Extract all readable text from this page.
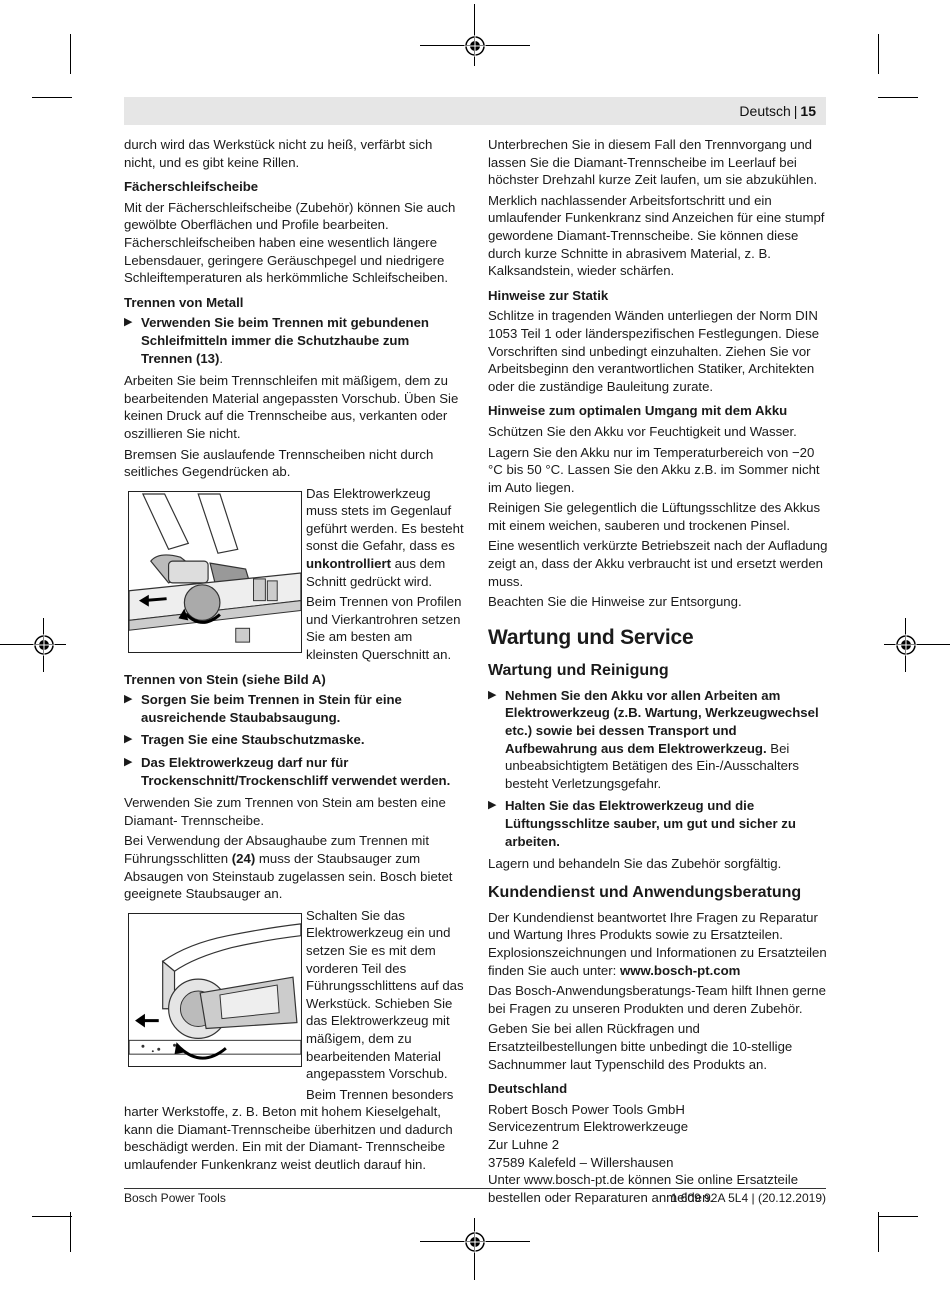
Deutsch | 15

durch wird das Werkstück nicht zu heiß, verfärbt sich nicht, und es gibt keine Rillen.

Fächerschleifscheibe

Mit der Fächerschleifscheibe (Zubehör) können Sie auch gewölbte Oberflächen und Profile bearbeiten. Fächerschleifscheiben haben eine wesentlich längere Lebensdauer, geringere Geräuschpegel und niedrigere Schleiftemperaturen als herkömmliche Schleifscheiben.

Trennen von Metall

▶ Verwenden Sie beim Trennen mit gebundenen Schleifmitteln immer die Schutzhaube zum Trennen (13).

Arbeiten Sie beim Trennschleifen mit mäßigem, dem zu bearbeitenden Material angepassten Vorschub. Üben Sie keinen Druck auf die Trennscheibe aus, verkanten oder oszillieren Sie nicht.

Bremsen Sie auslaufende Trennscheiben nicht durch seitliches Gegendrücken ab.

Das Elektrowerkzeug muss stets im Gegenlauf geführt werden. Es besteht sonst die Gefahr, dass es unkontrolliert aus dem Schnitt gedrückt wird.

Beim Trennen von Profilen und Vierkantrohren setzen Sie am besten am kleinsten Querschnitt an.

Trennen von Stein (siehe Bild A)

▶ Sorgen Sie beim Trennen in Stein für eine ausreichende Staubabsaugung.
▶ Tragen Sie eine Staubschutzmaske.
▶ Das Elektrowerkzeug darf nur für Trockenschnitt/Trockenschliff verwendet werden.

Verwenden Sie zum Trennen von Stein am besten eine Diamant- Trennscheibe.

Bei Verwendung der Absaughaube zum Trennen mit Führungsschlitten (24) muss der Staubsauger zum Absaugen von Steinstaub zugelassen sein. Bosch bietet geeignete Staubsauger an.

Schalten Sie das Elektrowerkzeug ein und setzen Sie es mit dem vorderen Teil des Führungsschlittens auf das Werkstück. Schieben Sie das Elektrowerkzeug mit mäßigem, dem zu bearbeitenden Material angepasstem Vorschub.

Beim Trennen besonders

harter Werkstoffe, z. B. Beton mit hohem Kieselgehalt, kann die Diamant-Trennscheibe überhitzen und dadurch beschädigt werden. Ein mit der Diamant- Trennscheibe umlaufender Funkenkranz weist deutlich darauf hin.

Unterbrechen Sie in diesem Fall den Trennvorgang und lassen Sie die Diamant-Trennscheibe im Leerlauf bei höchster Drehzahl kurze Zeit laufen, um sie abzukühlen.

Merklich nachlassender Arbeitsfortschritt und ein umlaufender Funkenkranz sind Anzeichen für eine stumpf gewordene Diamant-Trennscheibe. Sie können diese durch kurze Schnitte in abrasivem Material, z. B. Kalksandstein, wieder schärfen.

Hinweise zur Statik

Schlitze in tragenden Wänden unterliegen der Norm DIN 1053 Teil 1 oder länderspezifischen Festlegungen. Diese Vorschriften sind unbedingt einzuhalten. Ziehen Sie vor Arbeitsbeginn den verantwortlichen Statiker, Architekten oder die zuständige Bauleitung zurate.

Hinweise zum optimalen Umgang mit dem Akku

Schützen Sie den Akku vor Feuchtigkeit und Wasser.

Lagern Sie den Akku nur im Temperaturbereich von −20 °C bis 50 °C. Lassen Sie den Akku z.B. im Sommer nicht im Auto liegen.

Reinigen Sie gelegentlich die Lüftungsschlitze des Akkus mit einem weichen, sauberen und trockenen Pinsel.

Eine wesentlich verkürzte Betriebszeit nach der Aufladung zeigt an, dass der Akku verbraucht ist und ersetzt werden muss.

Beachten Sie die Hinweise zur Entsorgung.

Wartung und Service
Wartung und Reinigung
▶ Nehmen Sie den Akku vor allen Arbeiten am Elektrowerkzeug (z.B. Wartung, Werkzeugwechsel etc.) sowie bei dessen Transport und Aufbewahrung aus dem Elektrowerkzeug. Bei unbeabsichtigtem Betätigen des Ein-/Ausschalters besteht Verletzungsgefahr.
▶ Halten Sie das Elektrowerkzeug und die Lüftungsschlitze sauber, um gut und sicher zu arbeiten.

Lagern und behandeln Sie das Zubehör sorgfältig.

Kundendienst und Anwendungsberatung

Der Kundendienst beantwortet Ihre Fragen zu Reparatur und Wartung Ihres Produkts sowie zu Ersatzteilen. Explosionszeichnungen und Informationen zu Ersatzteilen finden Sie auch unter: www.bosch-pt.com

Das Bosch-Anwendungsberatungs-Team hilft Ihnen gerne bei Fragen zu unseren Produkten und deren Zubehör.

Geben Sie bei allen Rückfragen und Ersatzteilbestellungen bitte unbedingt die 10-stellige Sachnummer laut Typenschild des Produkts an.

Deutschland

Robert Bosch Power Tools GmbH
Servicezentrum Elektrowerkzeuge
Zur Luhne 2
37589 Kalefeld – Willershausen
Unter www.bosch-pt.de können Sie online Ersatzteile bestellen oder Reparaturen anmelden.
Bosch Power Tools	1 609 92A 5L4 | (20.12.2019)
